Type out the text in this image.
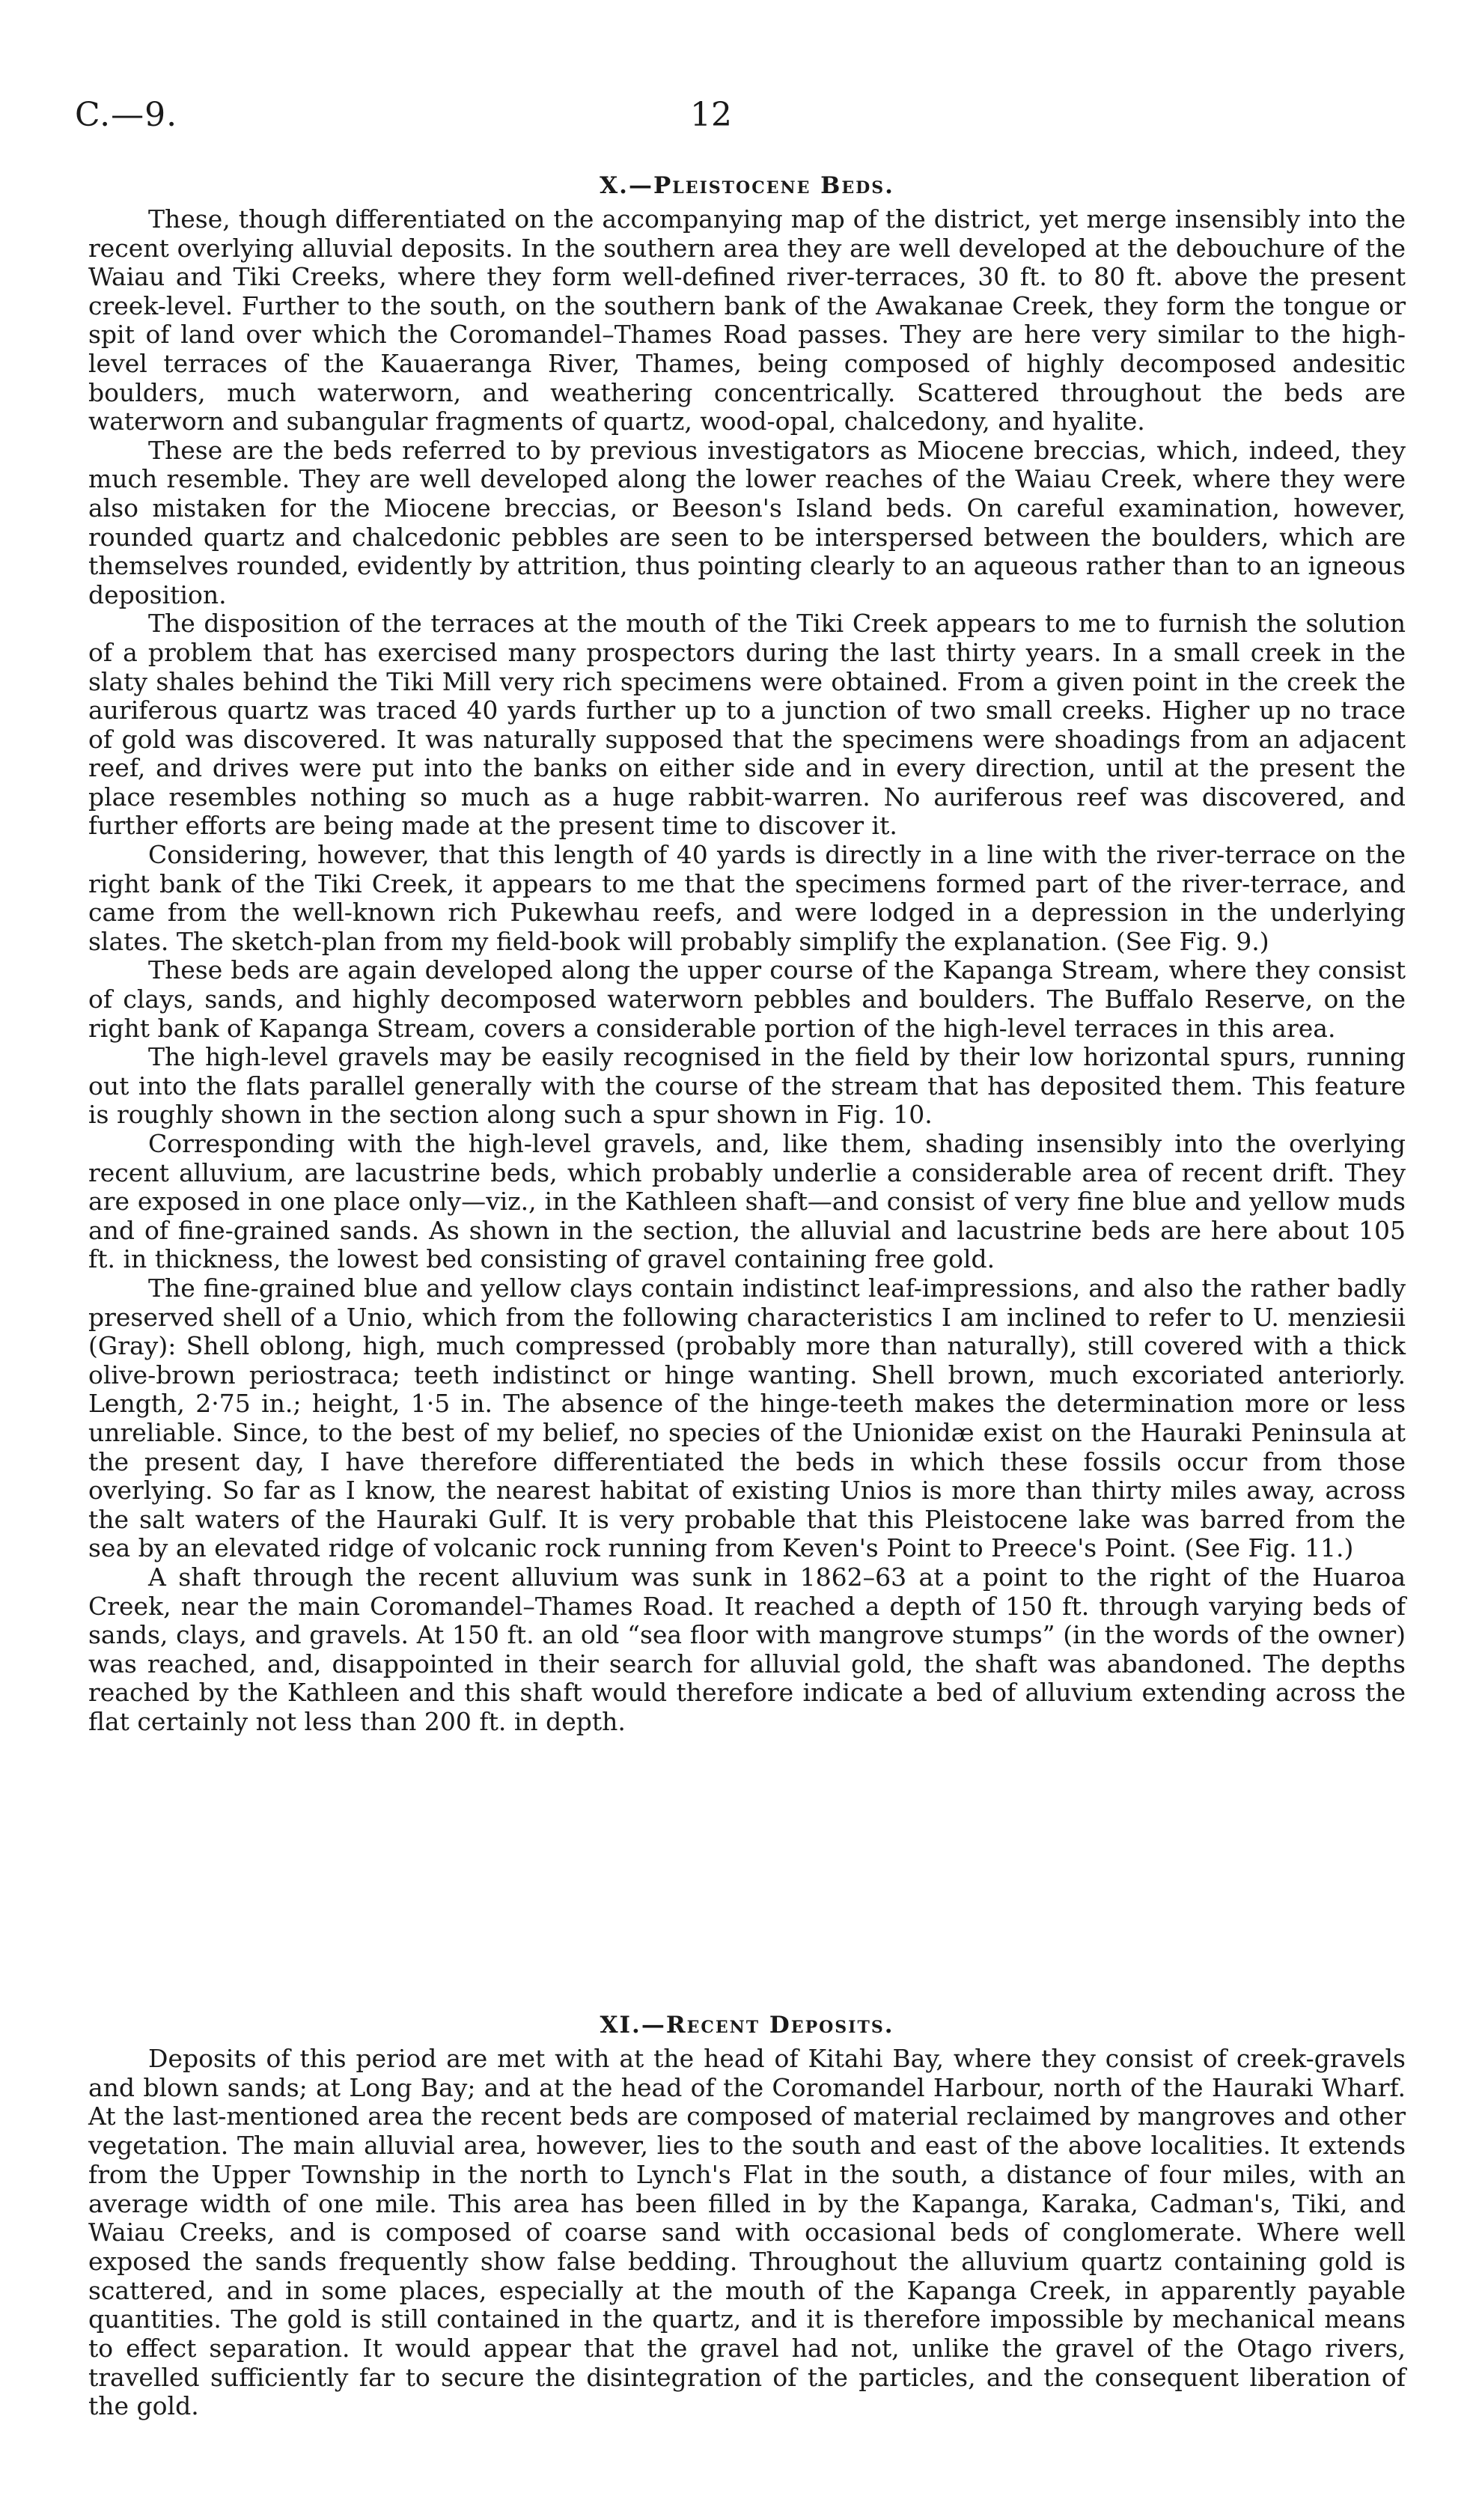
C.—9.	12
X.—Pleistocene Beds.

These, though differentiated on the accompanying map of the district, yet merge insensibly into the recent overlying alluvial deposits. In the southern area they are well developed at the debouchure of the Waiau and Tiki Creeks, where they form well-defined river-terraces, 30 ft. to 80 ft. above the present creek-level. Further to the south, on the southern bank of the Awakanae Creek, they form the tongue or spit of land over which the Coromandel–Thames Road passes. They are here very similar to the high-level terraces of the Kauaeranga River, Thames, being composed of highly decomposed andesitic boulders, much waterworn, and weathering concentrically. Scattered throughout the beds are waterworn and subangular fragments of quartz, wood-opal, chalcedony, and hyalite.

These are the beds referred to by previous investigators as Miocene breccias, which, indeed, they much resemble. They are well developed along the lower reaches of the Waiau Creek, where they were also mistaken for the Miocene breccias, or Beeson's Island beds. On careful examination, however, rounded quartz and chalcedonic pebbles are seen to be interspersed between the boulders, which are themselves rounded, evidently by attrition, thus pointing clearly to an aqueous rather than to an igneous deposition.

The disposition of the terraces at the mouth of the Tiki Creek appears to me to furnish the solution of a problem that has exercised many prospectors during the last thirty years. In a small creek in the slaty shales behind the Tiki Mill very rich specimens were obtained. From a given point in the creek the auriferous quartz was traced 40 yards further up to a junction of two small creeks. Higher up no trace of gold was discovered. It was naturally supposed that the specimens were shoadings from an adjacent reef, and drives were put into the banks on either side and in every direction, until at the present the place resembles nothing so much as a huge rabbit-warren. No auriferous reef was discovered, and further efforts are being made at the present time to discover it.

Considering, however, that this length of 40 yards is directly in a line with the river-terrace on the right bank of the Tiki Creek, it appears to me that the specimens formed part of the river-terrace, and came from the well-known rich Pukewhau reefs, and were lodged in a depression in the underlying slates. The sketch-plan from my field-book will probably simplify the explanation. (See Fig. 9.)

These beds are again developed along the upper course of the Kapanga Stream, where they consist of clays, sands, and highly decomposed waterworn pebbles and boulders. The Buffalo Reserve, on the right bank of Kapanga Stream, covers a considerable portion of the high-level terraces in this area.

The high-level gravels may be easily recognised in the field by their low horizontal spurs, running out into the flats parallel generally with the course of the stream that has deposited them. This feature is roughly shown in the section along such a spur shown in Fig. 10.

Corresponding with the high-level gravels, and, like them, shading insensibly into the overlying recent alluvium, are lacustrine beds, which probably underlie a considerable area of recent drift. They are exposed in one place only—viz., in the Kathleen shaft—and consist of very fine blue and yellow muds and of fine-grained sands. As shown in the section, the alluvial and lacustrine beds are here about 105 ft. in thickness, the lowest bed consisting of gravel containing free gold.

The fine-grained blue and yellow clays contain indistinct leaf-impressions, and also the rather badly preserved shell of a Unio, which from the following characteristics I am inclined to refer to U. menziesii (Gray): Shell oblong, high, much compressed (probably more than naturally), still covered with a thick olive-brown periostraca; teeth indistinct or hinge wanting. Shell brown, much excoriated anteriorly. Length, 2·75 in.; height, 1·5 in. The absence of the hinge-teeth makes the determination more or less unreliable. Since, to the best of my belief, no species of the Unionidæ exist on the Hauraki Peninsula at the present day, I have therefore differentiated the beds in which these fossils occur from those overlying. So far as I know, the nearest habitat of existing Unios is more than thirty miles away, across the salt waters of the Hauraki Gulf. It is very probable that this Pleistocene lake was barred from the sea by an elevated ridge of volcanic rock running from Keven's Point to Preece's Point. (See Fig. 11.)

A shaft through the recent alluvium was sunk in 1862–63 at a point to the right of the Huaroa Creek, near the main Coromandel–Thames Road. It reached a depth of 150 ft. through varying beds of sands, clays, and gravels. At 150 ft. an old “sea floor with mangrove stumps” (in the words of the owner) was reached, and, disappointed in their search for alluvial gold, the shaft was abandoned. The depths reached by the Kathleen and this shaft would therefore indicate a bed of alluvium extending across the flat certainly not less than 200 ft. in depth.

XI.—Recent Deposits.

Deposits of this period are met with at the head of Kitahi Bay, where they consist of creek-gravels and blown sands; at Long Bay; and at the head of the Coromandel Harbour, north of the Hauraki Wharf. At the last-mentioned area the recent beds are composed of material reclaimed by mangroves and other vegetation. The main alluvial area, however, lies to the south and east of the above localities. It extends from the Upper Township in the north to Lynch's Flat in the south, a distance of four miles, with an average width of one mile. This area has been filled in by the Kapanga, Karaka, Cadman's, Tiki, and Waiau Creeks, and is composed of coarse sand with occasional beds of conglomerate. Where well exposed the sands frequently show false bedding. Throughout the alluvium quartz containing gold is scattered, and in some places, especially at the mouth of the Kapanga Creek, in apparently payable quantities. The gold is still contained in the quartz, and it is therefore impossible by mechanical means to effect separation. It would appear that the gravel had not, unlike the gravel of the Otago rivers, travelled sufficiently far to secure the disintegration of the particles, and the consequent liberation of the gold.
